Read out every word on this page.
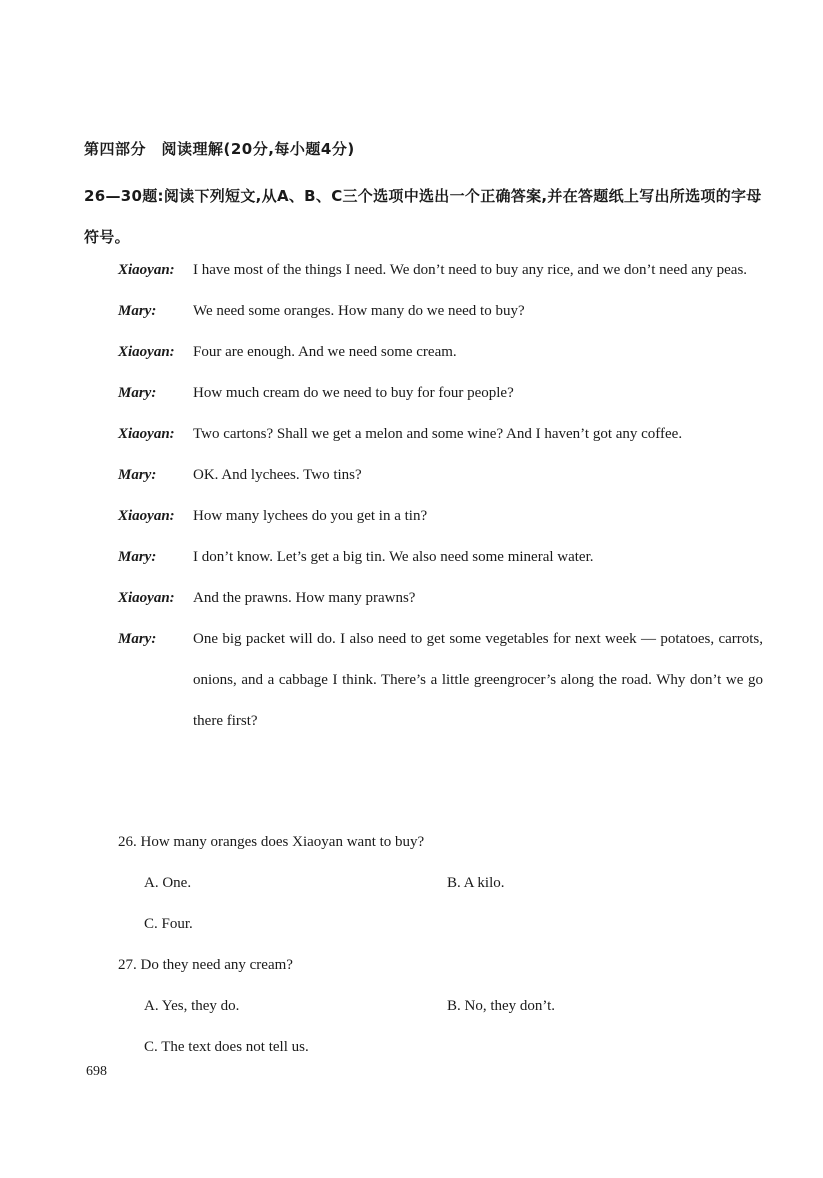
第四部分　阅读理解(20分,每小题4分)

26—30题:阅读下列短文,从A、B、C三个选项中选出一个正确答案,并在答题纸上写出所选项的字母符号。

Xiaoyan:	I have most of the things I need. We don’t need to buy any rice, and we don’t need any peas.
Mary:	We need some oranges. How many do we need to buy?
Xiaoyan:	Four are enough. And we need some cream.
Mary:	How much cream do we need to buy for four people?
Xiaoyan:	Two cartons? Shall we get a melon and some wine? And I haven’t got any coffee.
Mary:	OK. And lychees. Two tins?
Xiaoyan:	How many lychees do you get in a tin?
Mary:	I don’t know. Let’s get a big tin. We also need some mineral water.
Xiaoyan:	And the prawns. How many prawns?
Mary:	One big packet will do. I also need to get some vegetables for next week — potatoes, carrots, onions, and a cabbage I think. There’s a little greengrocer’s along the road. Why don’t we go there first?
26. How many oranges does Xiaoyan want to buy?
A. One.	B. A kilo.
C. Four.
27. Do they need any cream?
A. Yes, they do.	B. No, they don’t.
C. The text does not tell us.
698
